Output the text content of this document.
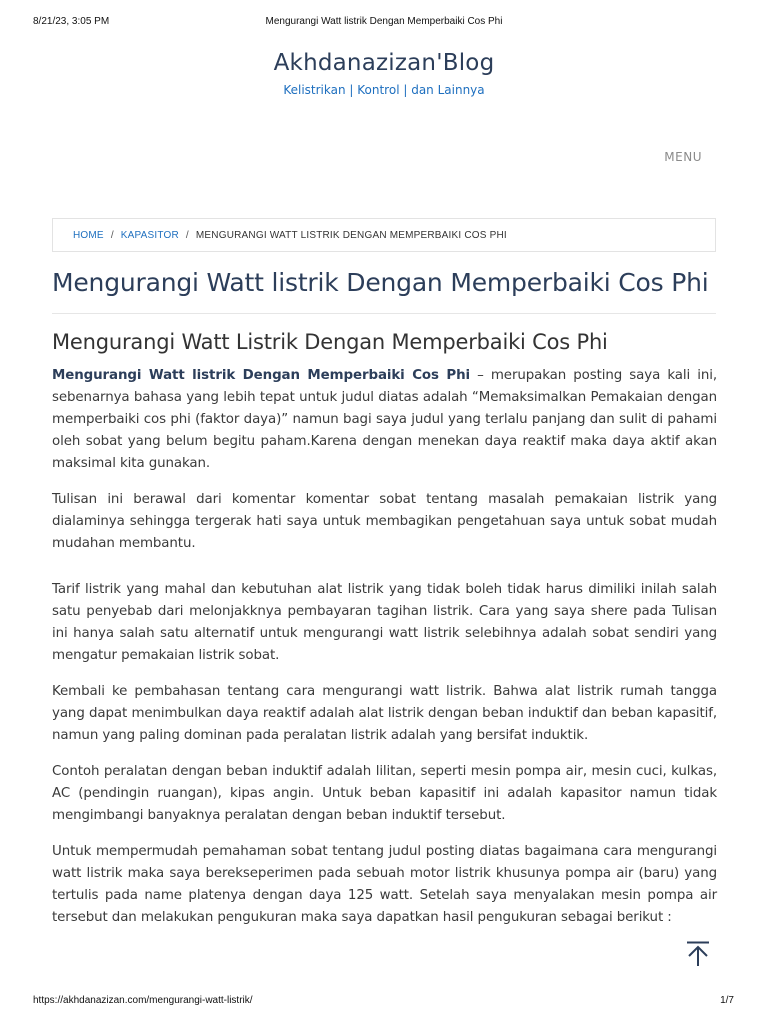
8/21/23, 3:05 PM	Mengurangi Watt listrik Dengan Memperbaiki Cos Phi
Akhdanazizan'Blog
Kelistrikan | Kontrol | dan Lainnya
MENU
HOME / KAPASITOR / MENGURANGI WATT LISTRIK DENGAN MEMPERBAIKI COS PHI
Mengurangi Watt listrik Dengan Memperbaiki Cos Phi
Mengurangi Watt Listrik Dengan Memperbaiki Cos Phi

Mengurangi Watt listrik Dengan Memperbaiki Cos Phi – merupakan posting saya kali ini, sebenarnya bahasa yang lebih tepat untuk judul diatas adalah “Memaksimalkan Pemakaian dengan memperbaiki cos phi (faktor daya)” namun bagi saya judul yang terlalu panjang dan sulit di pahami oleh sobat yang belum begitu paham.Karena dengan menekan daya reaktif maka daya aktif akan maksimal kita gunakan.

Tulisan ini berawal dari komentar komentar sobat tentang masalah pemakaian listrik yang dialaminya sehingga tergerak hati saya untuk membagikan pengetahuan saya untuk sobat mudah mudahan membantu.

Tarif listrik yang mahal dan kebutuhan alat listrik yang tidak boleh tidak harus dimiliki inilah salah satu penyebab dari melonjakknya pembayaran tagihan listrik. Cara yang saya shere pada Tulisan ini hanya salah satu alternatif untuk mengurangi watt listrik selebihnya adalah sobat sendiri yang mengatur pemakaian listrik sobat.

Kembali ke pembahasan tentang cara mengurangi watt listrik. Bahwa alat listrik rumah tangga yang dapat menimbulkan daya reaktif adalah alat listrik dengan beban induktif dan beban kapasitif, namun yang paling dominan pada peralatan listrik adalah yang bersifat induktik.

Contoh peralatan dengan beban induktif adalah lilitan, seperti mesin pompa air, mesin cuci, kulkas, AC (pendingin ruangan), kipas angin. Untuk beban kapasitif ini adalah kapasitor namun tidak mengimbangi banyaknya peralatan dengan beban induktif tersebut.

Untuk mempermudah pemahaman sobat tentang judul posting diatas bagaimana cara mengurangi watt listrik maka saya berekseperimen pada sebuah motor listrik khusunya pompa air (baru) yang tertulis pada name platenya dengan daya 125 watt. Setelah saya menyalakan mesin pompa air tersebut dan melakukan pengukuran maka saya dapatkan hasil pengukuran sebagai berikut :

https://akhdanazizan.com/mengurangi-watt-listrik/	1/7
